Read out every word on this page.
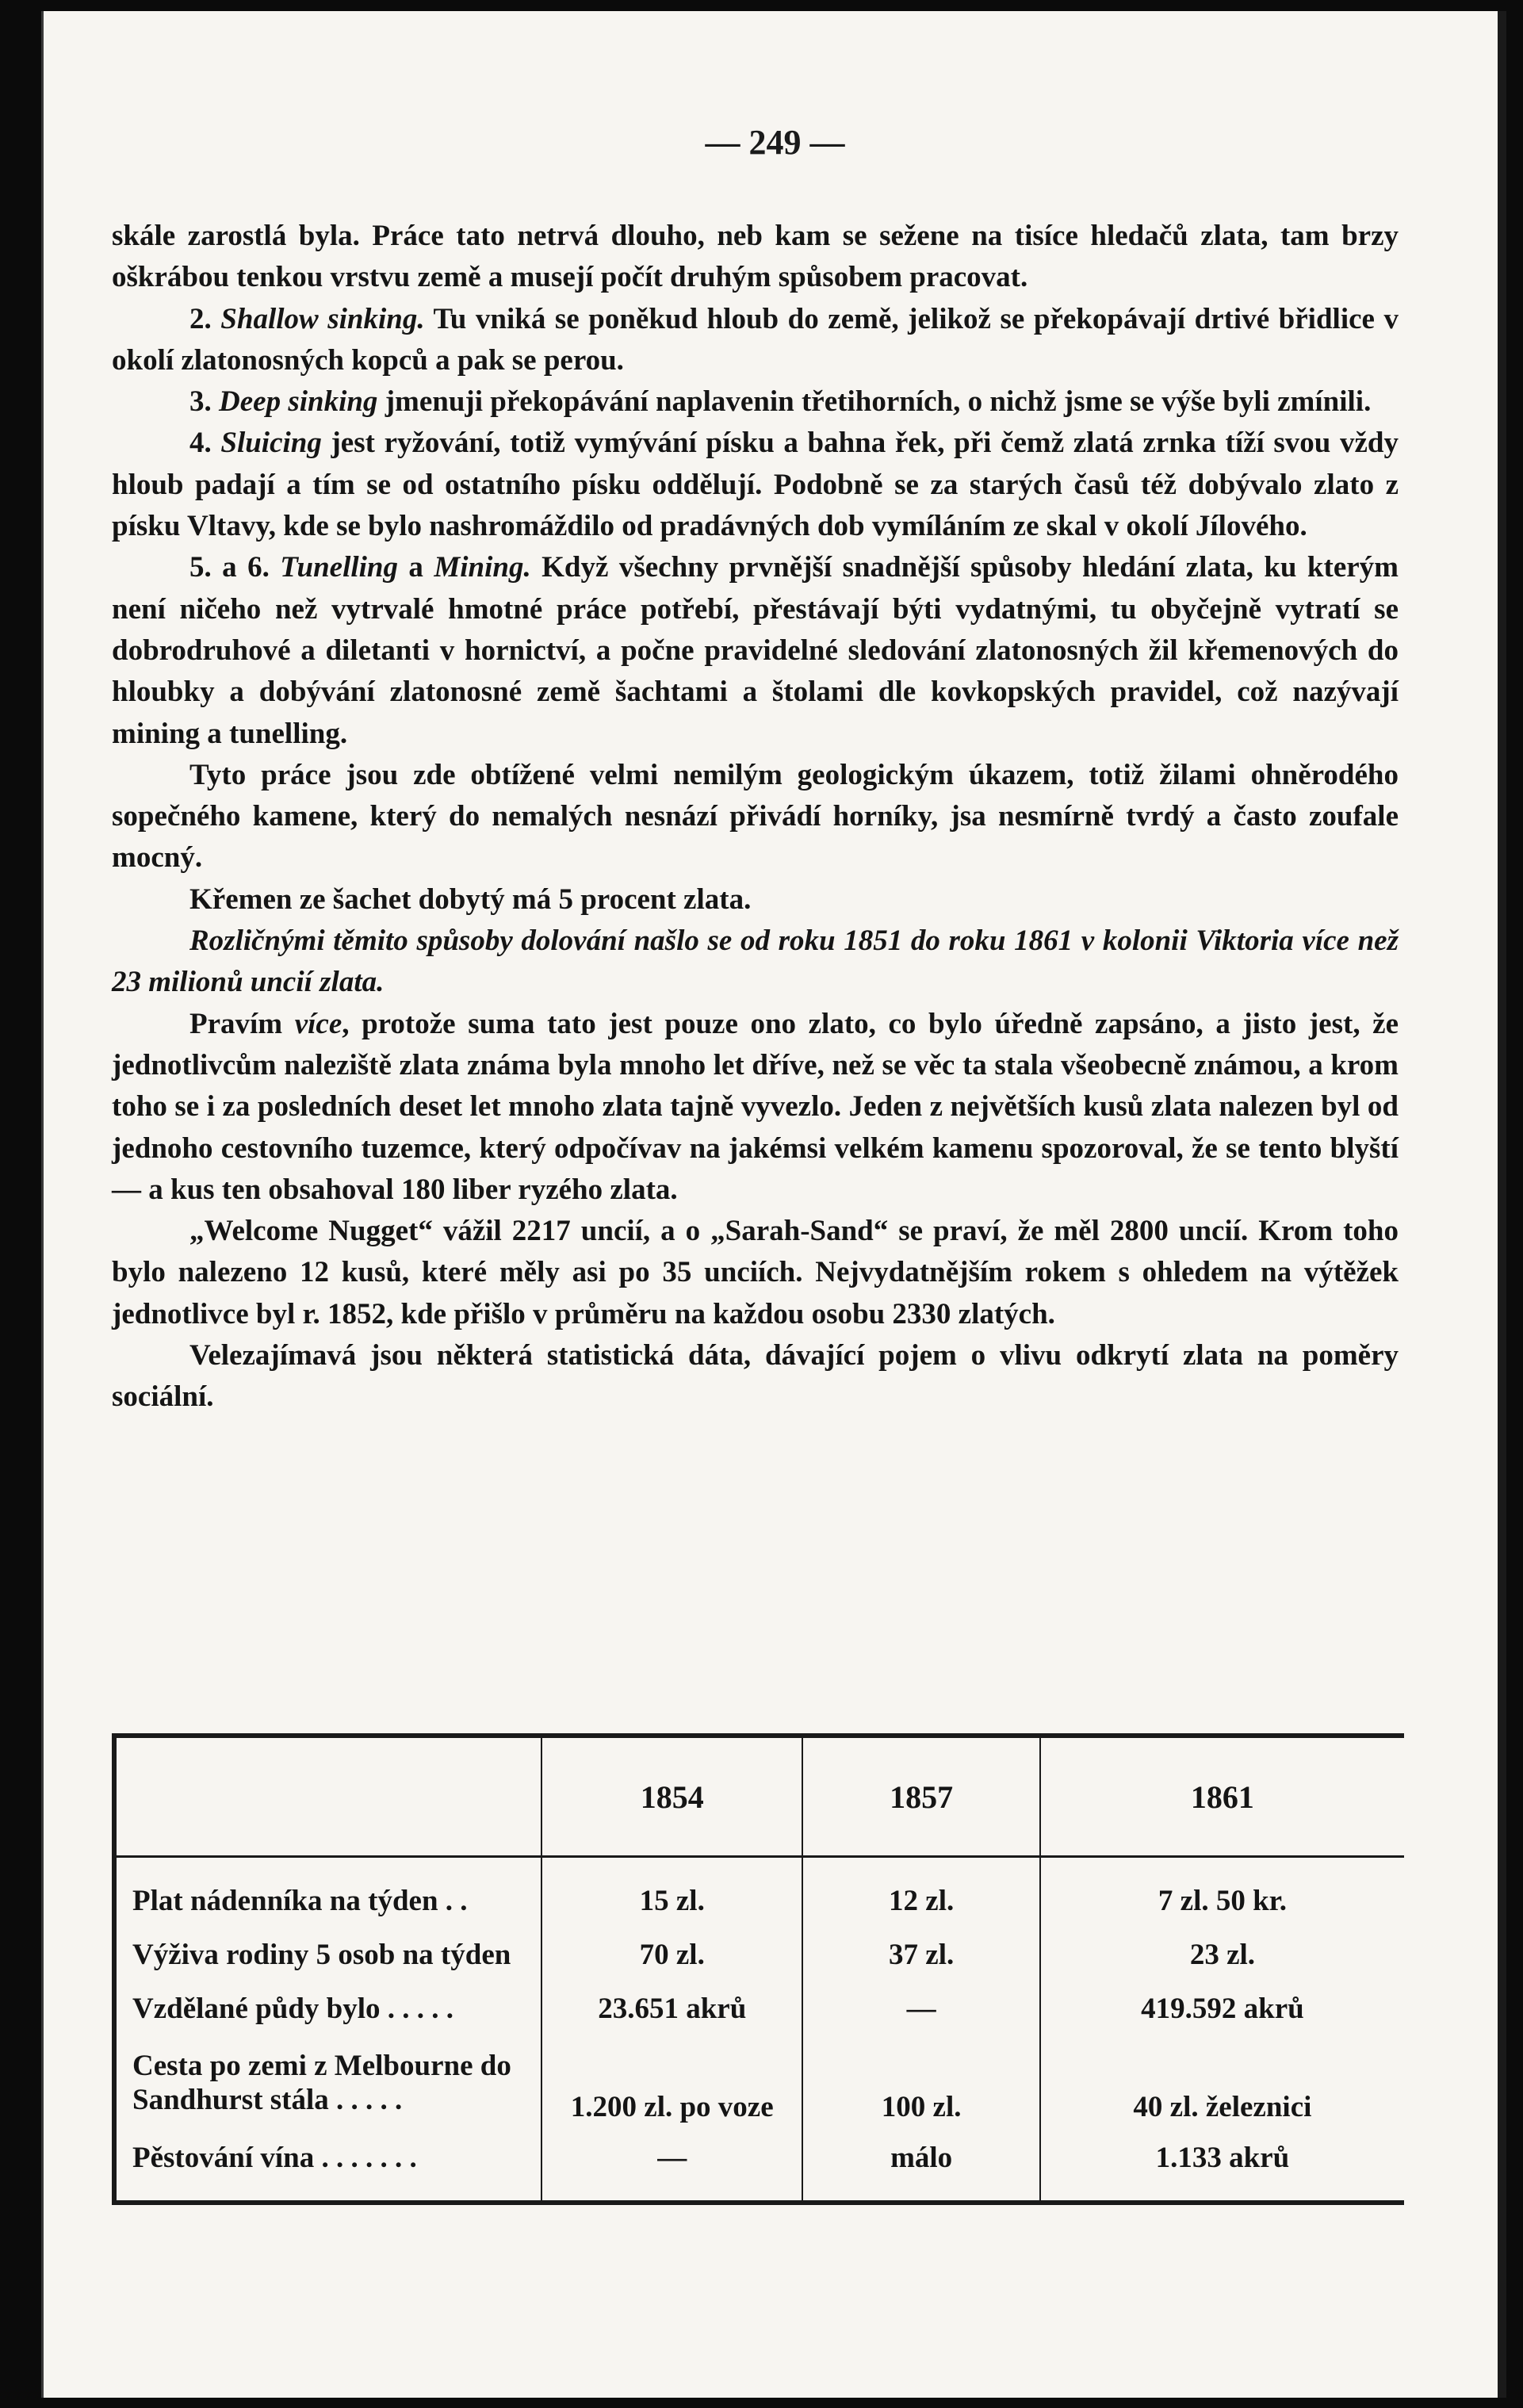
— 249 —

skále zarostlá byla. Práce tato netrvá dlouho, neb kam se sežene na tisíce hledačů zlata, tam brzy oškrábou tenkou vrstvu země a musejí počít druhým spůsobem pracovat.

2. Shallow sinking. Tu vniká se poněkud hloub do země, jelikož se překopávají drtivé břidlice v okolí zlatonosných kopců a pak se perou.

3. Deep sinking jmenuji překopávání naplavenin třetihorních, o nichž jsme se výše byli zmínili.

4. Sluicing jest ryžování, totiž vymývání písku a bahna řek, při čemž zlatá zrnka tíží svou vždy hloub padají a tím se od ostatního písku oddělují. Podobně se za starých časů též dobývalo zlato z písku Vltavy, kde se bylo nashromáždilo od pradávných dob vymíláním ze skal v okolí Jílového.

5. a 6. Tunelling a Mining. Když všechny prvnější snadnější spůsoby hledání zlata, ku kterým není ničeho než vytrvalé hmotné práce potřebí, přestávají býti vydatnými, tu obyčejně vytratí se dobrodruhové a diletanti v hornictví, a počne pravidelné sledování zlatonosných žil křemenových do hloubky a dobývání zlatonosné země šachtami a štolami dle kovkopských pravidel, což nazývají mining a tunelling.

Tyto práce jsou zde obtížené velmi nemilým geologickým úkazem, totiž žilami ohněrodého sopečného kamene, který do nemalých nesnází přivádí horníky, jsa nesmírně tvrdý a často zoufale mocný.

Křemen ze šachet dobytý má 5 procent zlata.

Rozličnými těmito spůsoby dolování našlo se od roku 1851 do roku 1861 v kolonii Viktoria více než 23 milionů uncií zlata.

Pravím více, protože suma tato jest pouze ono zlato, co bylo úředně zapsáno, a jisto jest, že jednotlivcům naleziště zlata známa byla mnoho let dříve, než se věc ta stala všeobecně známou, a krom toho se i za posledních deset let mnoho zlata tajně vyvezlo. Jeden z největších kusů zlata nalezen byl od jednoho cestovního tuzemce, který odpočívav na jakémsi velkém kamenu spozoroval, že se tento blyští — a kus ten obsahoval 180 liber ryzého zlata.

„Welcome Nugget“ vážil 2217 uncií, a o „Sarah-Sand“ se praví, že měl 2800 uncií. Krom toho bylo nalezeno 12 kusů, které měly asi po 35 unciích. Nejvydatnějším rokem s ohledem na výtěžek jednotlivce byl r. 1852, kde přišlo v průměru na každou osobu 2330 zlatých.

Velezajímavá jsou některá statistická dáta, dávající pojem o vlivu odkrytí zlata na poměry sociální.

	1854	1857	1861
Plat nádenníka na týden . .	15 zl.	12 zl.	7 zl. 50 kr.
Výživa rodiny 5 osob na týden	70 zl.	37 zl.	23 zl.
Vzdělané půdy bylo . . . . .	23.651 akrů	—	419.592 akrů
Cesta po zemi z Melbourne do Sandhurst stála . . . . .	1.200 zl. po voze	100 zl.	40 zl. železnici
Pěstování vína . . . . . . .	—	málo	1.133 akrů
